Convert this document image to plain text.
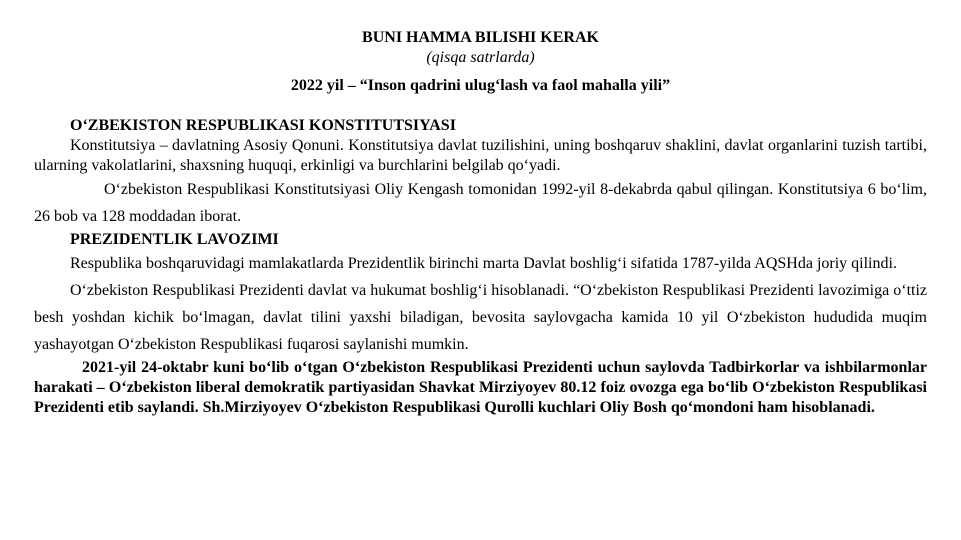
BUNI HAMMA BILISHI KERAK

(qisqa satrlarda)

2022 yil – “Inson qadrini ulug‘lash va faol mahalla yili”

O‘ZBEKISTON RESPUBLIKASI KONSTITUTSIYASI

Konstitutsiya – davlatning Asosiy Qonuni. Konstitutsiya davlat tuzilishini, uning boshqaruv shaklini, davlat organlarini tuzish tartibi, ularning vakolatlarini, shaxsning huquqi, erkinligi va burchlarini belgilab qo‘yadi.

O‘zbekiston Respublikasi Konstitutsiyasi Oliy Kengash tomonidan 1992-yil 8-dekabrda qabul qilingan. Konstitutsiya 6 bo‘lim, 26 bob va 128 moddadan iborat.

PREZIDENTLIK LAVOZIMI

Respublika boshqaruvidagi mamlakatlarda Prezidentlik birinchi marta Davlat boshlig‘i sifatida 1787-yilda AQSHda joriy qilindi.

O‘zbekiston Respublikasi Prezidenti davlat va hukumat boshlig‘i hisoblanadi. “O‘zbekiston Respublikasi Prezidenti lavozimiga o‘ttiz besh yoshdan kichik bo‘lmagan, davlat tilini yaxshi biladigan, bevosita saylovgacha kamida 10 yil O‘zbekiston hududida muqim yashayotgan O‘zbekiston Respublikasi fuqarosi saylanishi mumkin.

2021-yil 24-oktabr kuni bo‘lib o‘tgan O‘zbekiston Respublikasi Prezidenti uchun saylovda Tadbirkorlar va ishbilarmonlar harakati – O‘zbekiston liberal demokratik partiyasidan Shavkat Mirziyoyev 80.12 foiz ovozga ega bo‘lib O‘zbekiston Respublikasi Prezidenti etib saylandi. Sh.Mirziyoyev O‘zbekiston Respublikasi Qurolli kuchlari Oliy Bosh qo‘mondoni ham hisoblanadi.
